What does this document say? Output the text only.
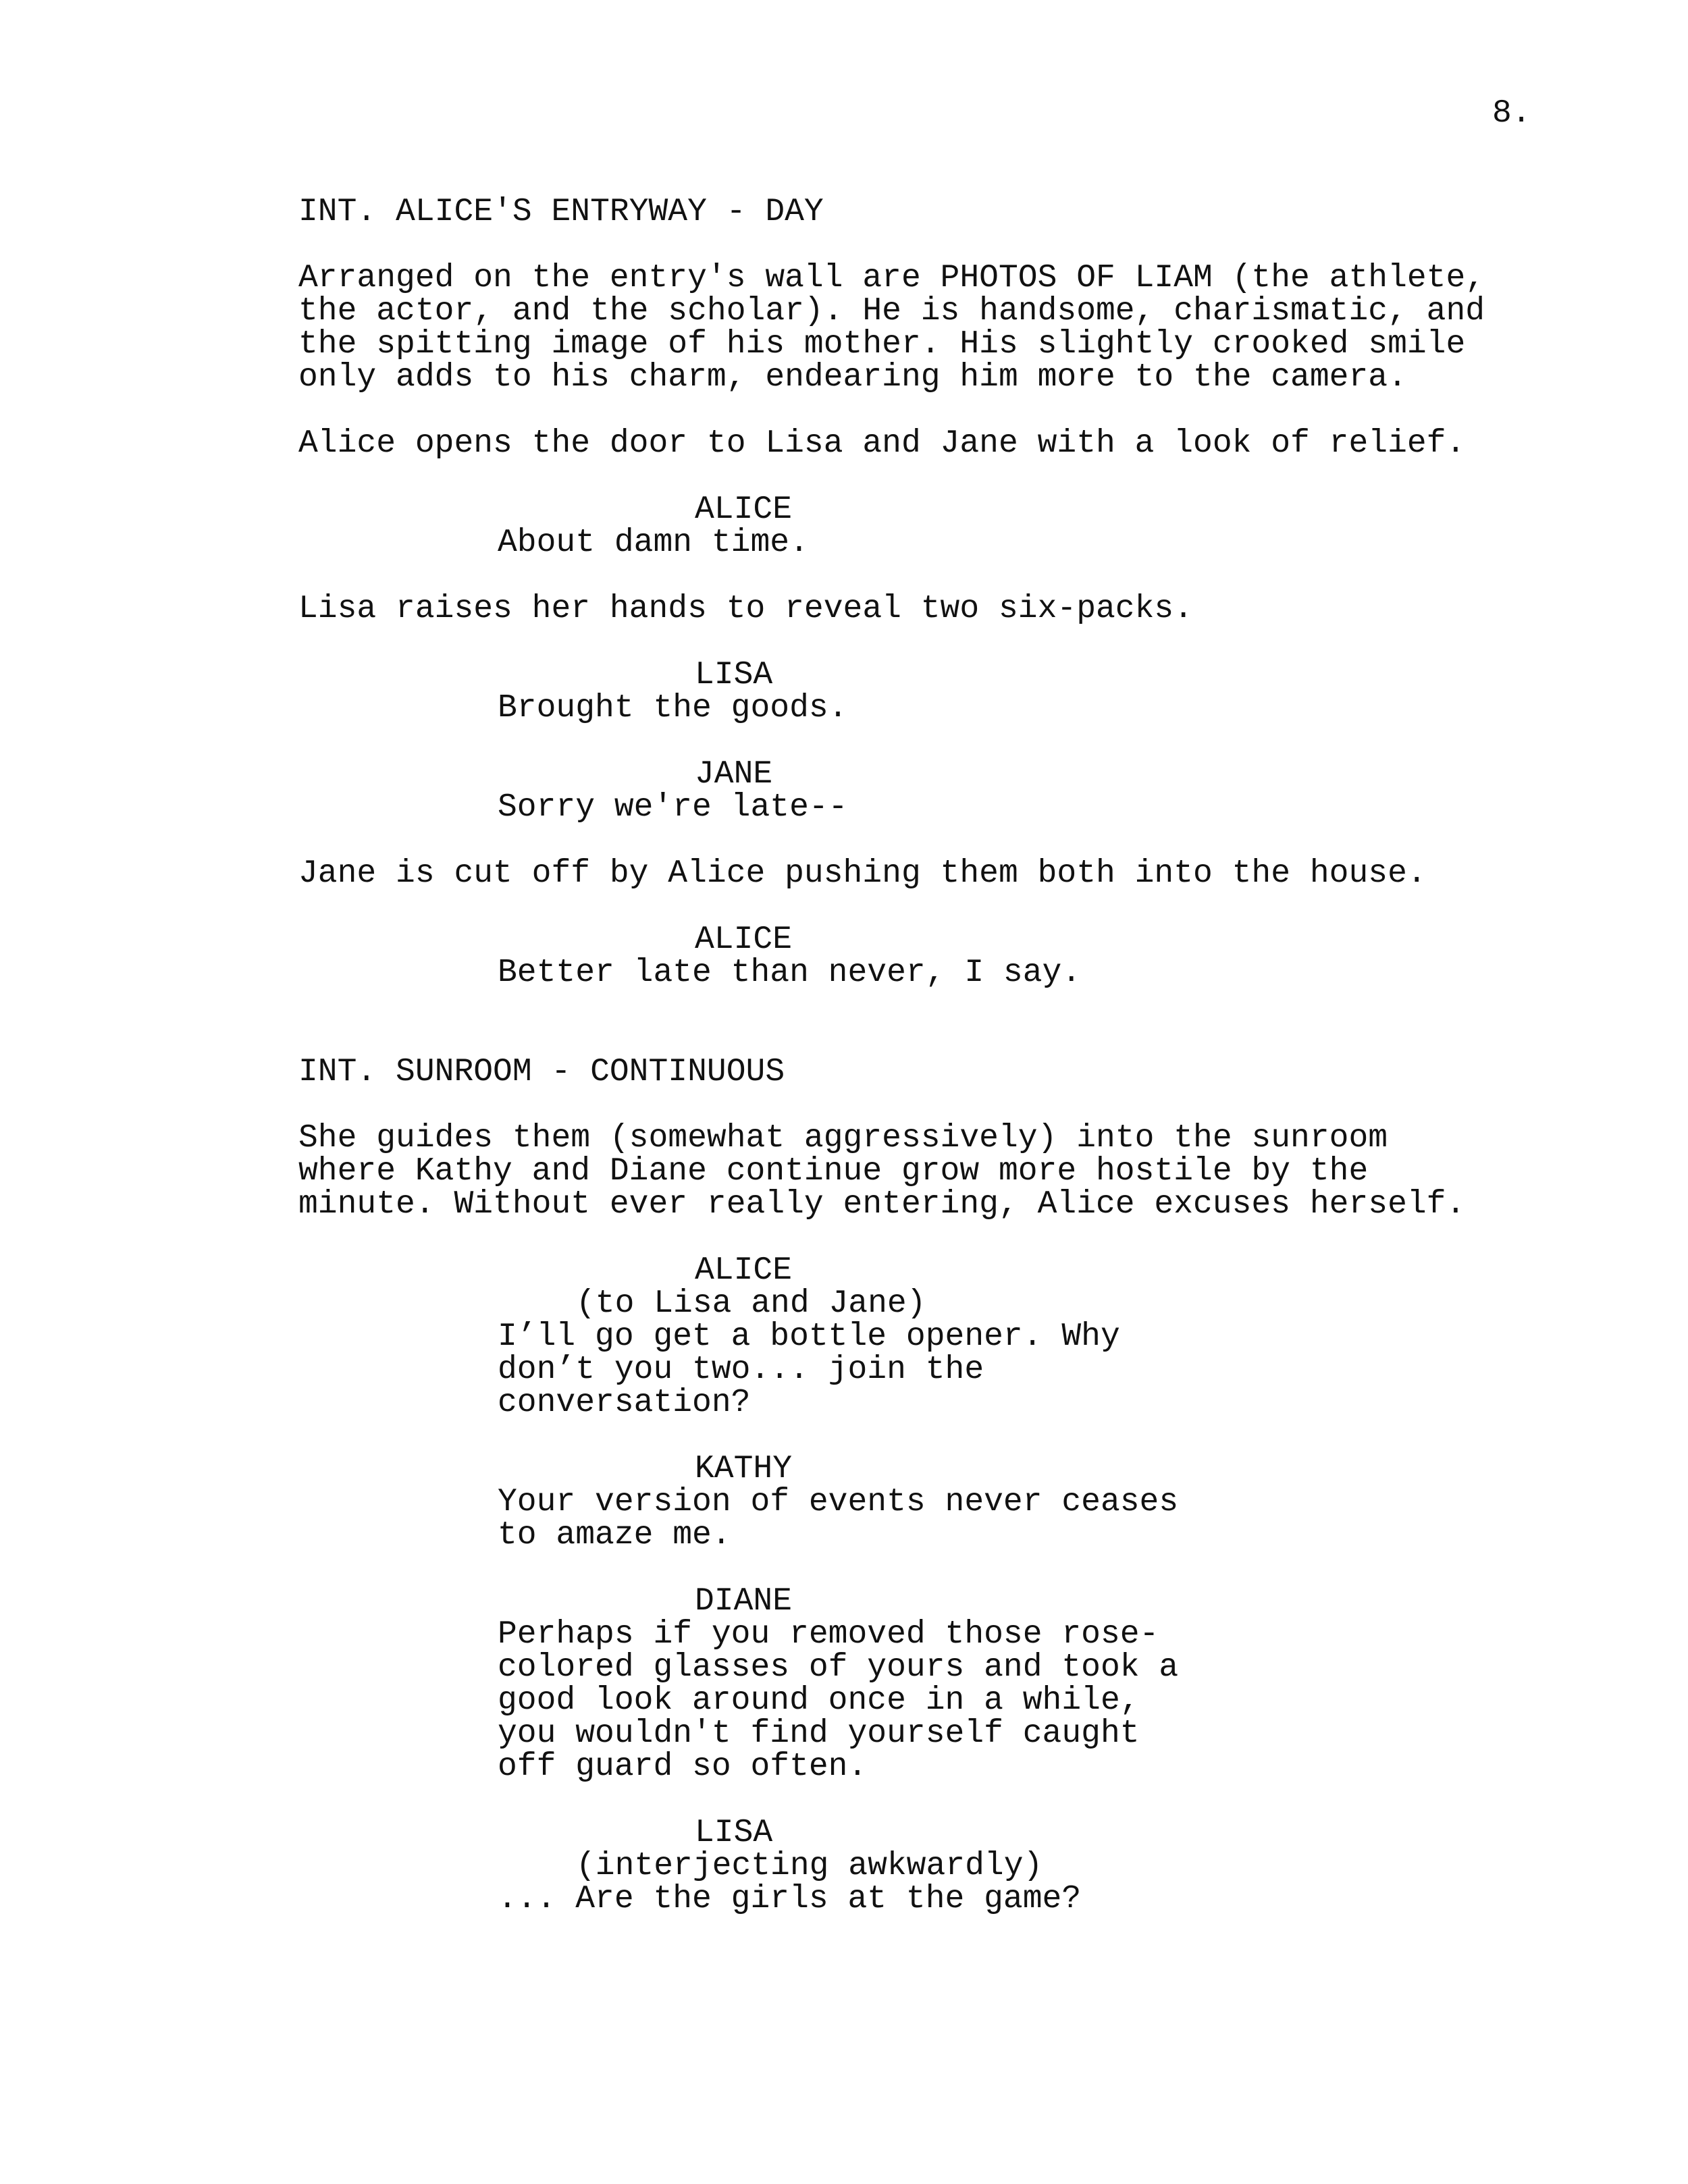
8.
INT. ALICE'S ENTRYWAY - DAY
Arranged on the entry's wall are PHOTOS OF LIAM (the athlete,
the actor, and the scholar). He is handsome, charismatic, and
the spitting image of his mother. His slightly crooked smile
only adds to his charm, endearing him more to the camera.
Alice opens the door to Lisa and Jane with a look of relief.
ALICE
About damn time.
Lisa raises her hands to reveal two six-packs.
LISA
Brought the goods.
JANE
Sorry we're late--
Jane is cut off by Alice pushing them both into the house.
ALICE
Better late than never, I say.
INT. SUNROOM - CONTINUOUS
She guides them (somewhat aggressively) into the sunroom
where Kathy and Diane continue grow more hostile by the
minute. Without ever really entering, Alice excuses herself.
ALICE
(to Lisa and Jane)
I’ll go get a bottle opener. Why
don’t you two... join the
conversation?
KATHY
Your version of events never ceases
to amaze me.
DIANE
Perhaps if you removed those rose-
colored glasses of yours and took a
good look around once in a while,
you wouldn't find yourself caught
off guard so often.
LISA
(interjecting awkwardly)
... Are the girls at the game?
